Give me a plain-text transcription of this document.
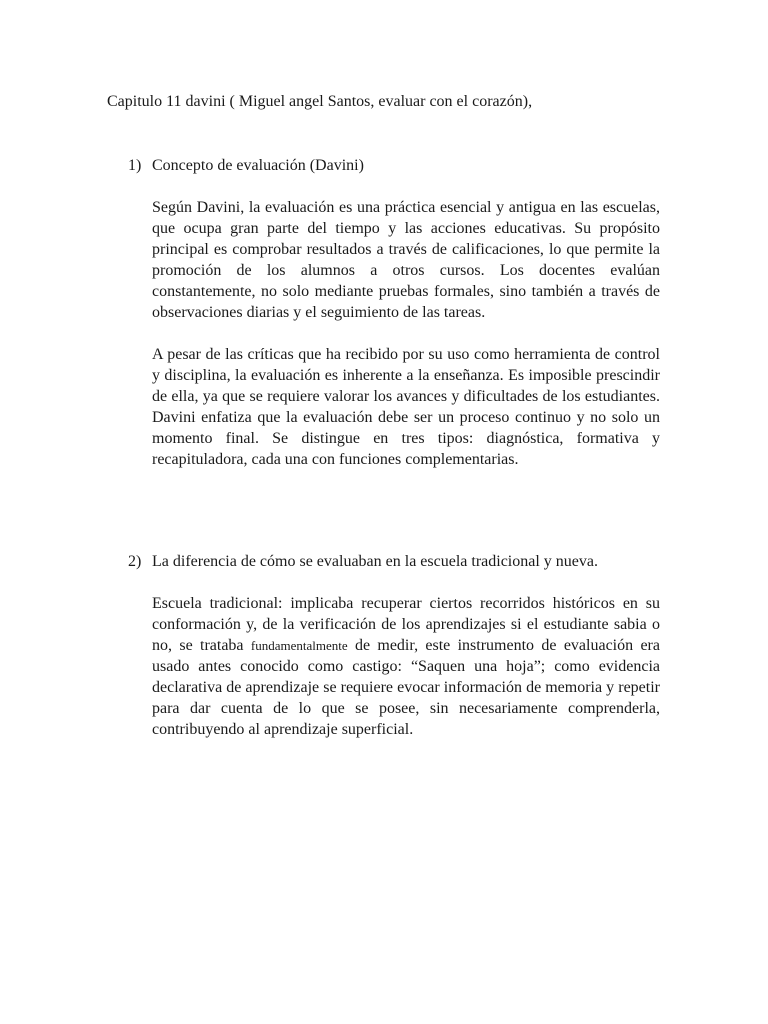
Capitulo 11 davini ( Miguel angel Santos, evaluar con el corazón),
1) Concepto de evaluación (Davini)

Según Davini, la evaluación es una práctica esencial y antigua en las escuelas, que ocupa gran parte del tiempo y las acciones educativas. Su propósito principal es comprobar resultados a través de calificaciones, lo que permite la promoción de los alumnos a otros cursos. Los docentes evalúan constantemente, no solo mediante pruebas formales, sino también a través de observaciones diarias y el seguimiento de las tareas.

A pesar de las críticas que ha recibido por su uso como herramienta de control y disciplina, la evaluación es inherente a la enseñanza. Es imposible prescindir de ella, ya que se requiere valorar los avances y dificultades de los estudiantes. Davini enfatiza que la evaluación debe ser un proceso continuo y no solo un momento final. Se distingue en tres tipos: diagnóstica, formativa y recapituladora, cada una con funciones complementarias.

2) La diferencia de cómo se evaluaban en la escuela tradicional y nueva.

Escuela tradicional: implicaba recuperar ciertos recorridos históricos en su conformación y, de la verificación de los aprendizajes si el estudiante sabia o no, se trataba fundamentalmente de medir, este instrumento de evaluación era usado antes conocido como castigo: “Saquen una hoja”; como evidencia declarativa de aprendizaje se requiere evocar información de memoria y repetir para dar cuenta de lo que se posee, sin necesariamente comprenderla, contribuyendo al aprendizaje superficial.
